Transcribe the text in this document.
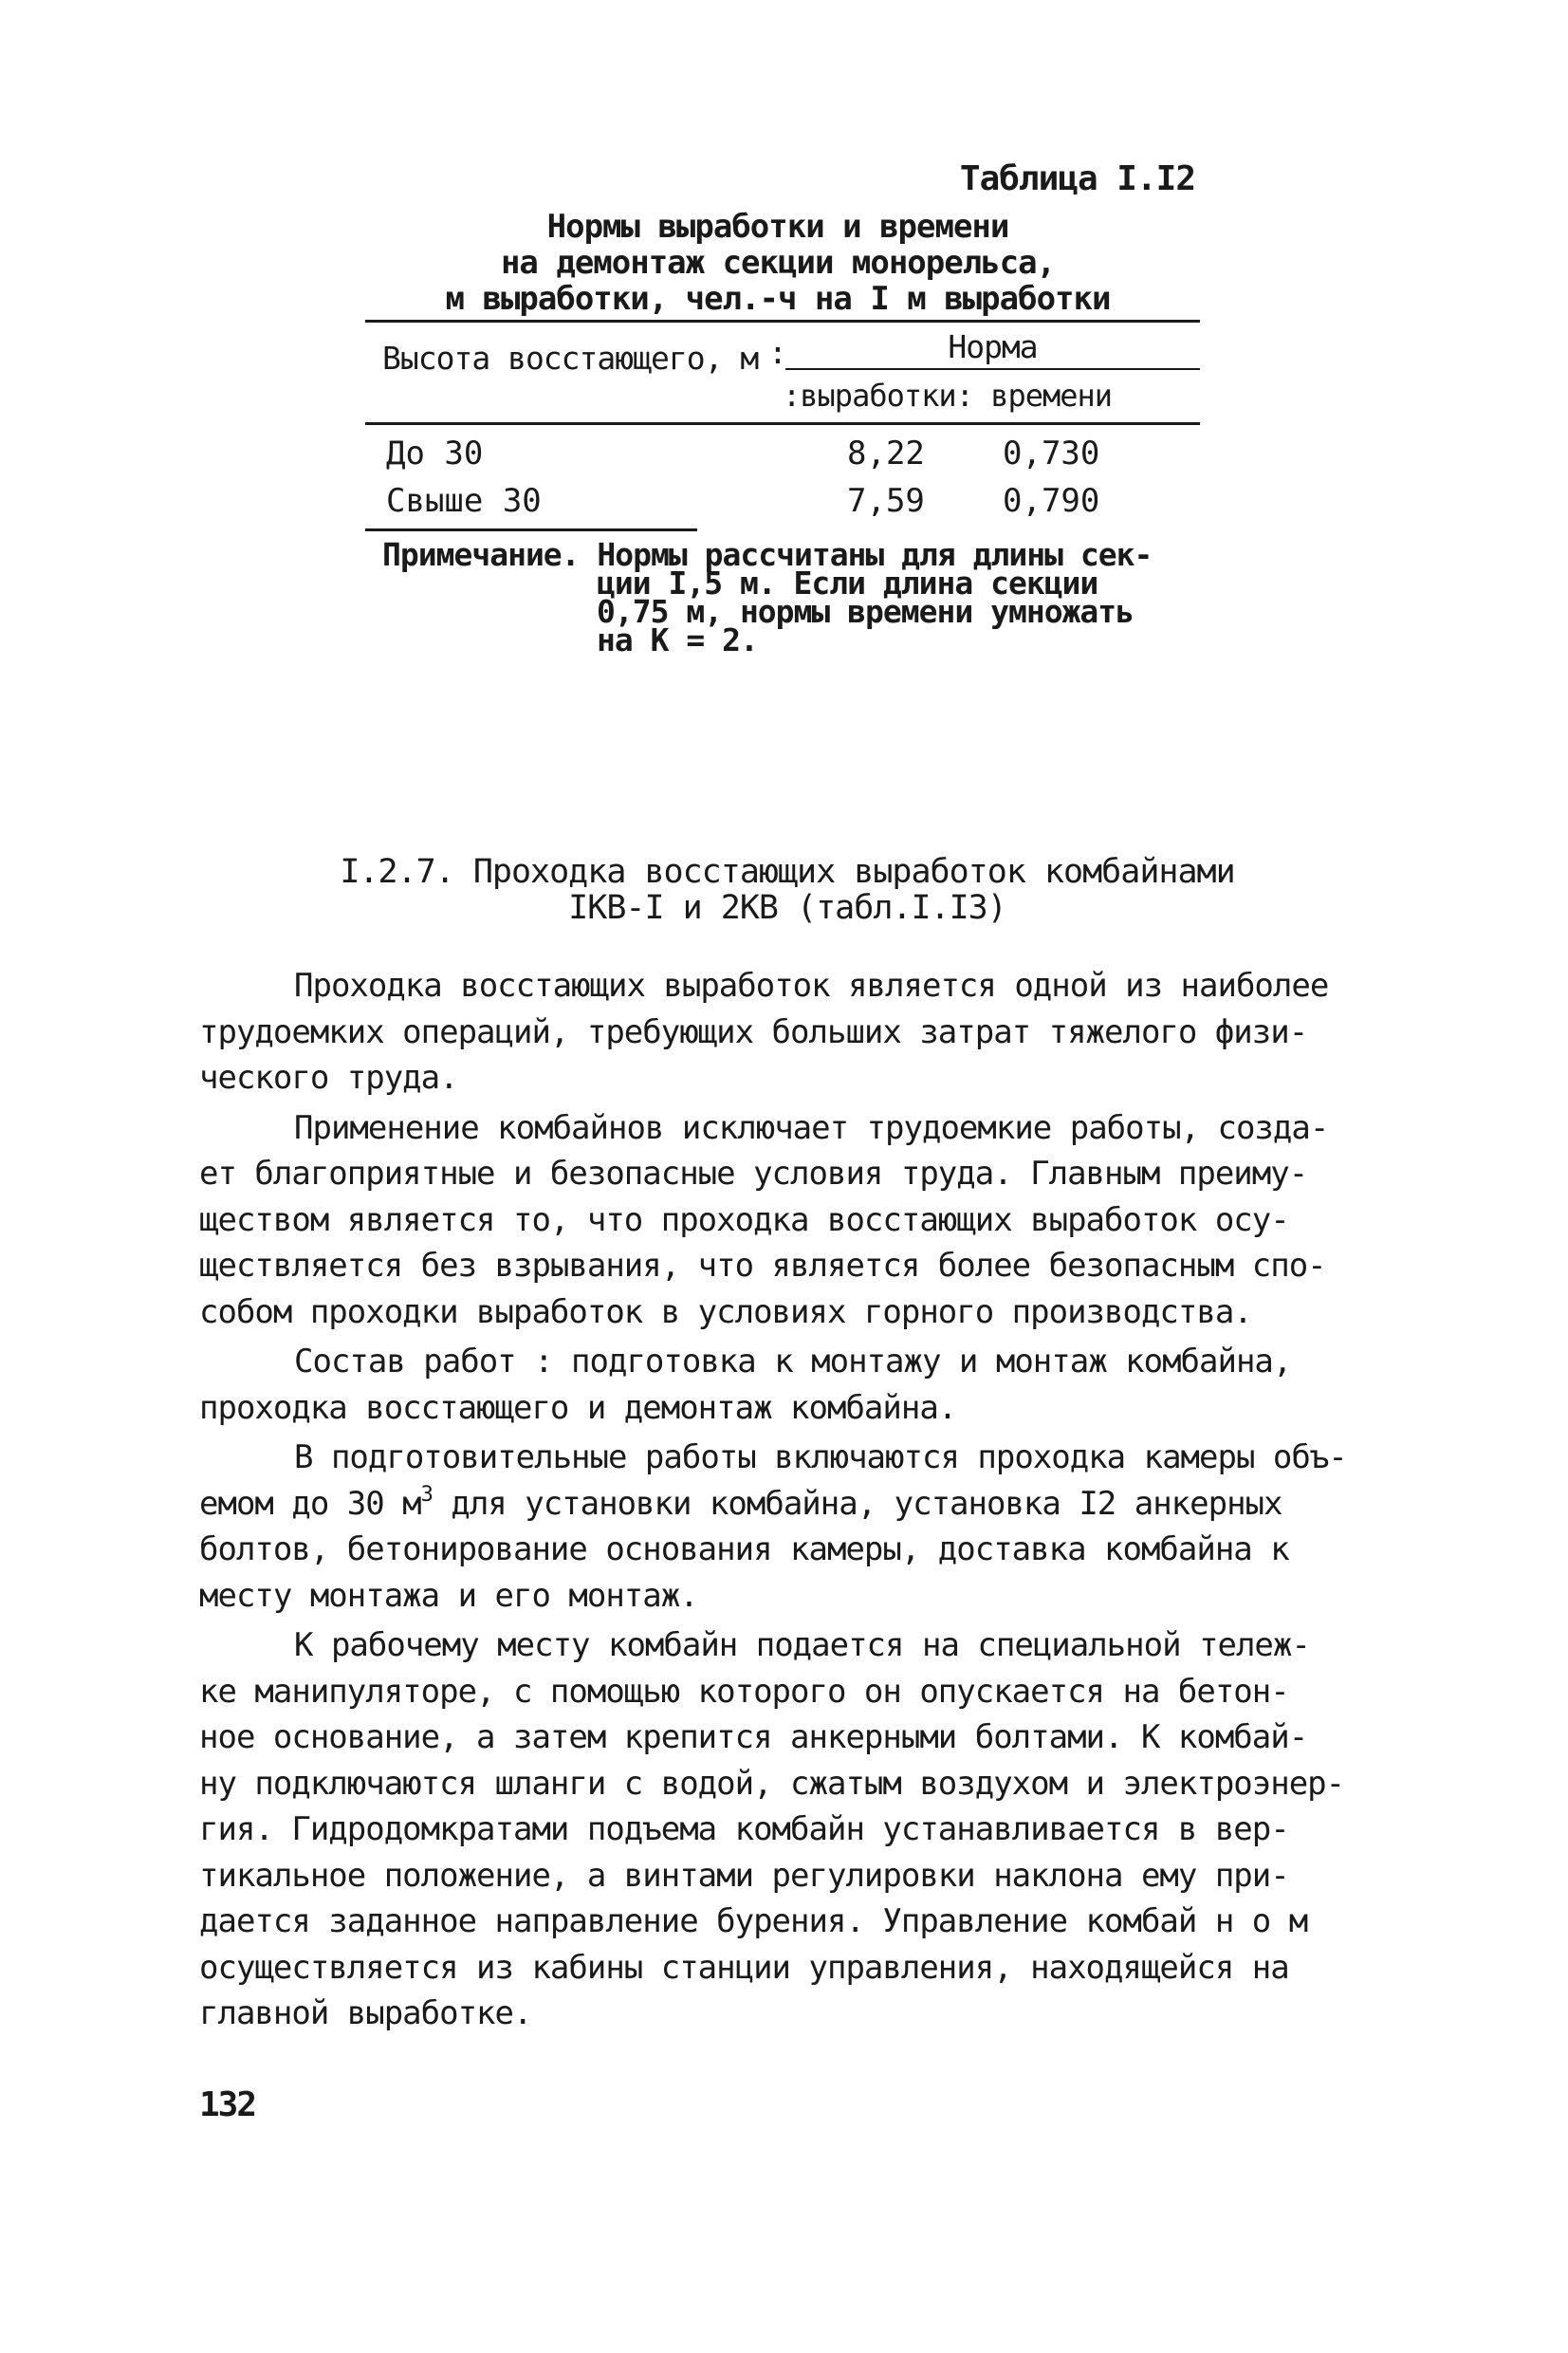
Таблица I.I2
Нормы выработки и времени
на демонтаж секции монорельса,
м выработки, чел.-ч на I м выработки
Высота восстающего, м :	Норма
:выработки: времени
До 30	8,22 0,730
Свыше 30	7,59 0,790
Примечание. Нормы рассчитаны для длины сек-
ции I,5 м. Если длина секции
0,75 м, нормы времени умножать
на К = 2.
I.2.7. Проходка восстающих выработок комбайнами
IКВ-I и 2КВ (табл.I.I3)
Проходка восстающих выработок является одной из наиболее
трудоемких операций, требующих больших затрат тяжелого физи-
ческого труда.
Применение комбайнов исключает трудоемкие работы, созда-
ет благоприятные и безопасные условия труда. Главным преиму-
ществом является то, что проходка восстающих выработок осу-
ществляется без взрывания, что является более безопасным спо-
собом проходки выработок в условиях горного производства.
Состав работ : подготовка к монтажу и монтаж комбайна,
проходка восстающего и демонтаж комбайна.
В подготовительные работы включаются проходка камеры объ-
емом до 30 $м^3$ для установки комбайна, установка I2 анкерных
болтов, бетонирование основания камеры, доставка комбайна к
месту монтажа и его монтаж.
К рабочему месту комбайн подается на специальной тележ-
ке манипуляторе, с помощью которого он опускается на бетон-
ное основание, а затем крепится анкерными болтами. К комбай-
ну подключаются шланги с водой, сжатым воздухом и электроэнер-
гия. Гидродомкратами подъема комбайн устанавливается в вер-
тикальное положение, а винтами регулировки наклона ему при-
дается заданное направление бурения. Управление комбай н о м
осуществляется из кабины станции управления, находящейся на
главной выработке.
132
